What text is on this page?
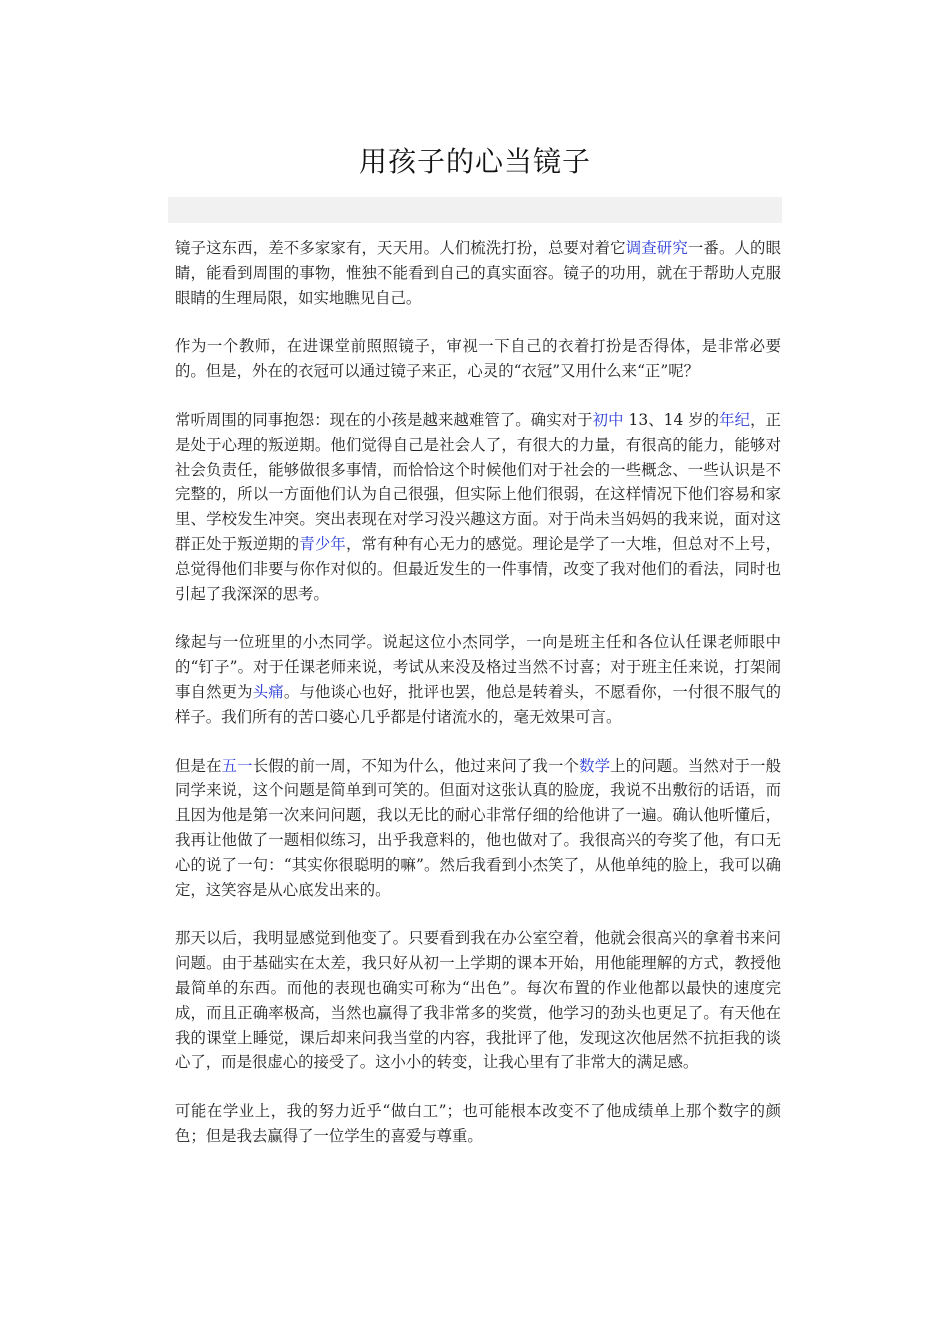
用孩子的心当镜子

镜子这东西，差不多家家有，天天用。人们梳洗打扮，总要对着它调查研究一番。人的眼睛，能看到周围的事物，惟独不能看到自己的真实面容。镜子的功用，就在于帮助人克服眼睛的生理局限，如实地瞧见自己。

作为一个教师，在进课堂前照照镜子，审视一下自己的衣着打扮是否得体，是非常必要的。但是，外在的衣冠可以通过镜子来正，心灵的“衣冠”又用什么来“正”呢？

常听周围的同事抱怨：现在的小孩是越来越难管了。确实对于初中 13、14 岁的年纪，正是处于心理的叛逆期。他们觉得自己是社会人了，有很大的力量，有很高的能力，能够对社会负责任，能够做很多事情，而恰恰这个时候他们对于社会的一些概念、一些认识是不完整的，所以一方面他们认为自己很强，但实际上他们很弱，在这样情况下他们容易和家里、学校发生冲突。突出表现在对学习没兴趣这方面。对于尚未当妈妈的我来说，面对这群正处于叛逆期的青少年，常有种有心无力的感觉。理论是学了一大堆，但总对不上号，总觉得他们非要与你作对似的。但最近发生的一件事情，改变了我对他们的看法，同时也引起了我深深的思考。

缘起与一位班里的小杰同学。说起这位小杰同学，一向是班主任和各位认任课老师眼中的“钉子”。对于任课老师来说，考试从来没及格过当然不讨喜；对于班主任来说，打架闹事自然更为头痛。与他谈心也好，批评也罢，他总是转着头，不愿看你，一付很不服气的样子。我们所有的苦口婆心几乎都是付诸流水的，毫无效果可言。

但是在五一长假的前一周，不知为什么，他过来问了我一个数学上的问题。当然对于一般同学来说，这个问题是简单到可笑的。但面对这张认真的脸庞，我说不出敷衍的话语，而且因为他是第一次来问问题，我以无比的耐心非常仔细的给他讲了一遍。确认他听懂后，我再让他做了一题相似练习，出乎我意料的，他也做对了。我很高兴的夸奖了他，有口无心的说了一句：“其实你很聪明的嘛”。然后我看到小杰笑了，从他单纯的脸上，我可以确定，这笑容是从心底发出来的。

那天以后，我明显感觉到他变了。只要看到我在办公室空着，他就会很高兴的拿着书来问问题。由于基础实在太差，我只好从初一上学期的课本开始，用他能理解的方式，教授他最简单的东西。而他的表现也确实可称为“出色”。每次布置的作业他都以最快的速度完成，而且正确率极高，当然也赢得了我非常多的奖赏，他学习的劲头也更足了。有天他在我的课堂上睡觉，课后却来问我当堂的内容，我批评了他，发现这次他居然不抗拒我的谈心了，而是很虚心的接受了。这小小的转变，让我心里有了非常大的满足感。

可能在学业上，我的努力近乎“做白工”；也可能根本改变不了他成绩单上那个数字的颜色；但是我去赢得了一位学生的喜爱与尊重。
